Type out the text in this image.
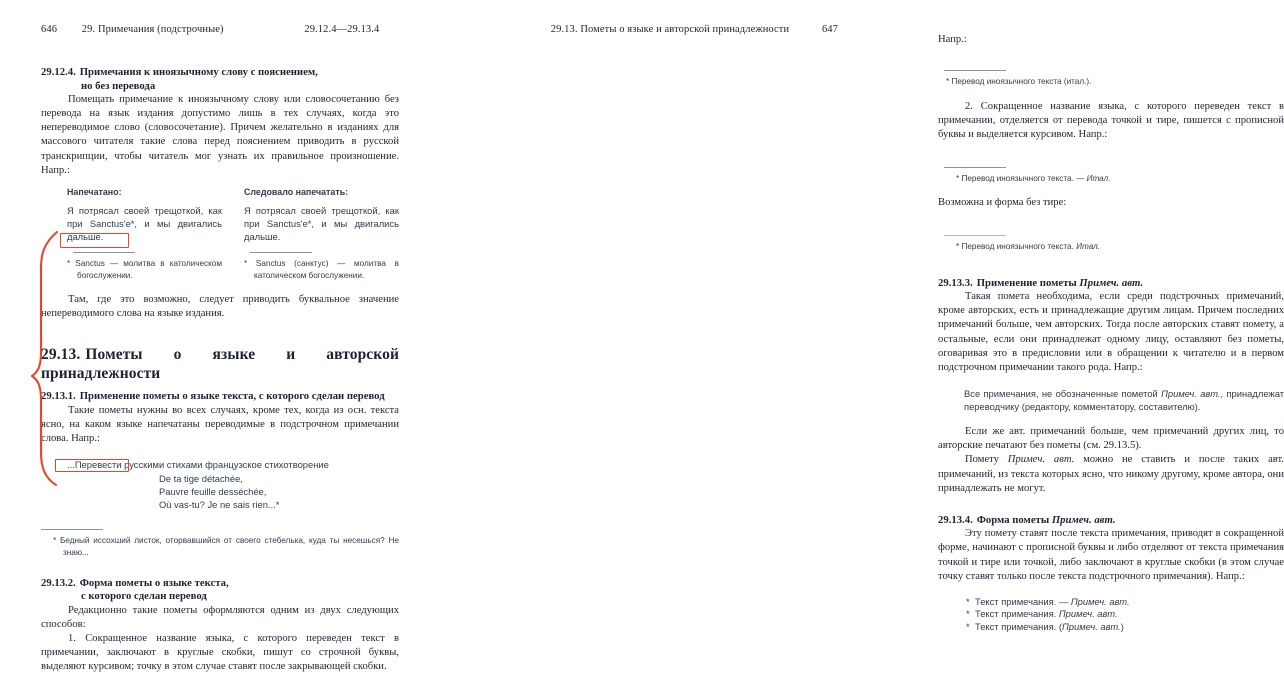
646 29. Примечания (подстрочные)	29.12.4—29.13.4
29.12.4. Примечания к иноязычному слову с пояснением,
но без перевода

Помещать примечание к иноязычному слову или словосочетанию без перевода на язык издания допустимо лишь в тех случаях, когда это непереводимое слово (словосочетание). Причем желательно в изданиях для массового читателя такие слова перед пояснением приводить в русской транскрипции, чтобы читатель мог узнать их правильное произношение. Напр.:

Напечатано:
Я потрясал своей трещоткой, как при Sanctus'e*, и мы двигались дальше.
* Sanctus — молитва в католическом богослужении.
Следовало напечатать:
Я потрясал своей трещоткой, как при Sanctus'e*, и мы двигались дальше.
* Sanctus (санктус) — молитва в католическом богослужении.

Там, где это возможно, следует приводить буквальное значение непереводимого слова на языке издания.

29.13. Пометы о языке и авторской принадлежности
29.13.1. Применение пометы о языке текста, с которого сделан перевод

Такие пометы нужны во всех случаях, кроме тех, когда из осн. текста ясно, на каком языке напечатаны переводимые в подстрочном примечании слова. Напр.:

...Перевести русскими стихами французское стихотворение
De ta tige détachée,
Pauvre feuille desséchée,
Où vas-tu? Je ne sais rien...*
* Бедный иссохший листок, оторвавшийся от своего стебелька, куда ты несешься? Не знаю...
29.13.2. Форма пометы о языке текста,
с которого сделан перевод

Редакционно такие пометы оформляются одним из двух следующих способов:

1. Сокращенное название языка, с которого переведен текст в примечании, заключают в круглые скобки, пишут со строчной буквы, выделяют курсивом; точку в этом случае ставят после закрывающей скобки.

29.13. Пометы о языке и авторской принадлежности	647

Напр.:

* Перевод иноязычного текста (итал.).

2. Сокращенное название языка, с которого переведен текст в примечании, отделяется от перевода точкой и тире, пишется с прописной буквы и выделяется курсивом. Напр.:

* Перевод иноязычного текста. — Итал.

Возможна и форма без тире:

* Перевод иноязычного текста. Итал.
29.13.3. Применение пометы Примеч. авт.

Такая помета необходима, если среди подстрочных примечаний, кроме авторских, есть и принадлежащие другим лицам. Причем последних примечаний больше, чем авторских. Тогда после авторских ставят помету, а остальные, если они принадлежат одному лицу, оставляют без пометы, оговаривая это в предисловии или в обращении к читателю и в первом подстрочном примечании такого рода. Напр.:

Все примечания, не обозначенные пометой Примеч. авт., принадлежат переводчику (редактору, комментатору, составителю).

Если же авт. примечаний больше, чем примечаний других лиц, то авторские печатают без пометы (см. 29.13.5).

Помету Примеч. авт. можно не ставить и после таких авт. примечаний, из текста которых ясно, что никому другому, кроме автора, они принадлежать не могут.

29.13.4. Форма пометы Примеч. авт.

Эту помету ставят после текста примечания, приводят в сокращенной форме, начинают с прописной буквы и либо отделяют от текста примечания точкой и тире или точкой, либо заключают в круглые скобки (в этом случае точку ставят только после текста подстрочного примечания). Напр.:

* Текст примечания. — Примеч. авт.
* Текст примечания. Примеч. авт.
* Текст примечания. (Примеч. авт.)
